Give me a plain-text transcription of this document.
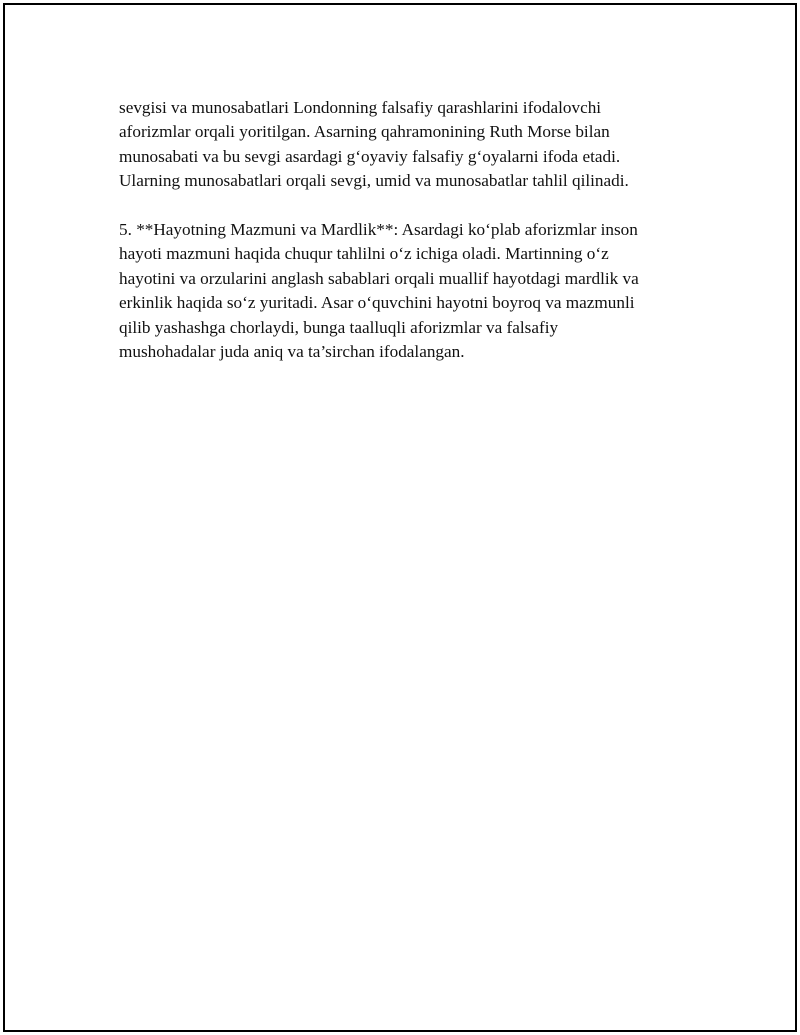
sevgisi va munosabatlari Londonning falsafiy qarashlarini ifodalovchi
aforizmlar orqali yoritilgan. Asarning qahramonining Ruth Morse bilan
munosabati va bu sevgi asardagi g‘oyaviy falsafiy g‘oyalarni ifoda etadi.
Ularning munosabatlari orqali sevgi, umid va munosabatlar tahlil qilinadi.
5. **Hayotning Mazmuni va Mardlik**: Asardagi ko‘plab aforizmlar inson
hayoti mazmuni haqida chuqur tahlilni o‘z ichiga oladi. Martinning o‘z
hayotini va orzularini anglash sabablari orqali muallif hayotdagi mardlik va
erkinlik haqida so‘z yuritadi. Asar o‘quvchini hayotni boyroq va mazmunli
qilib yashashga chorlaydi, bunga taalluqli aforizmlar va falsafiy
mushohadalar juda aniq va ta’sirchan ifodalangan.
